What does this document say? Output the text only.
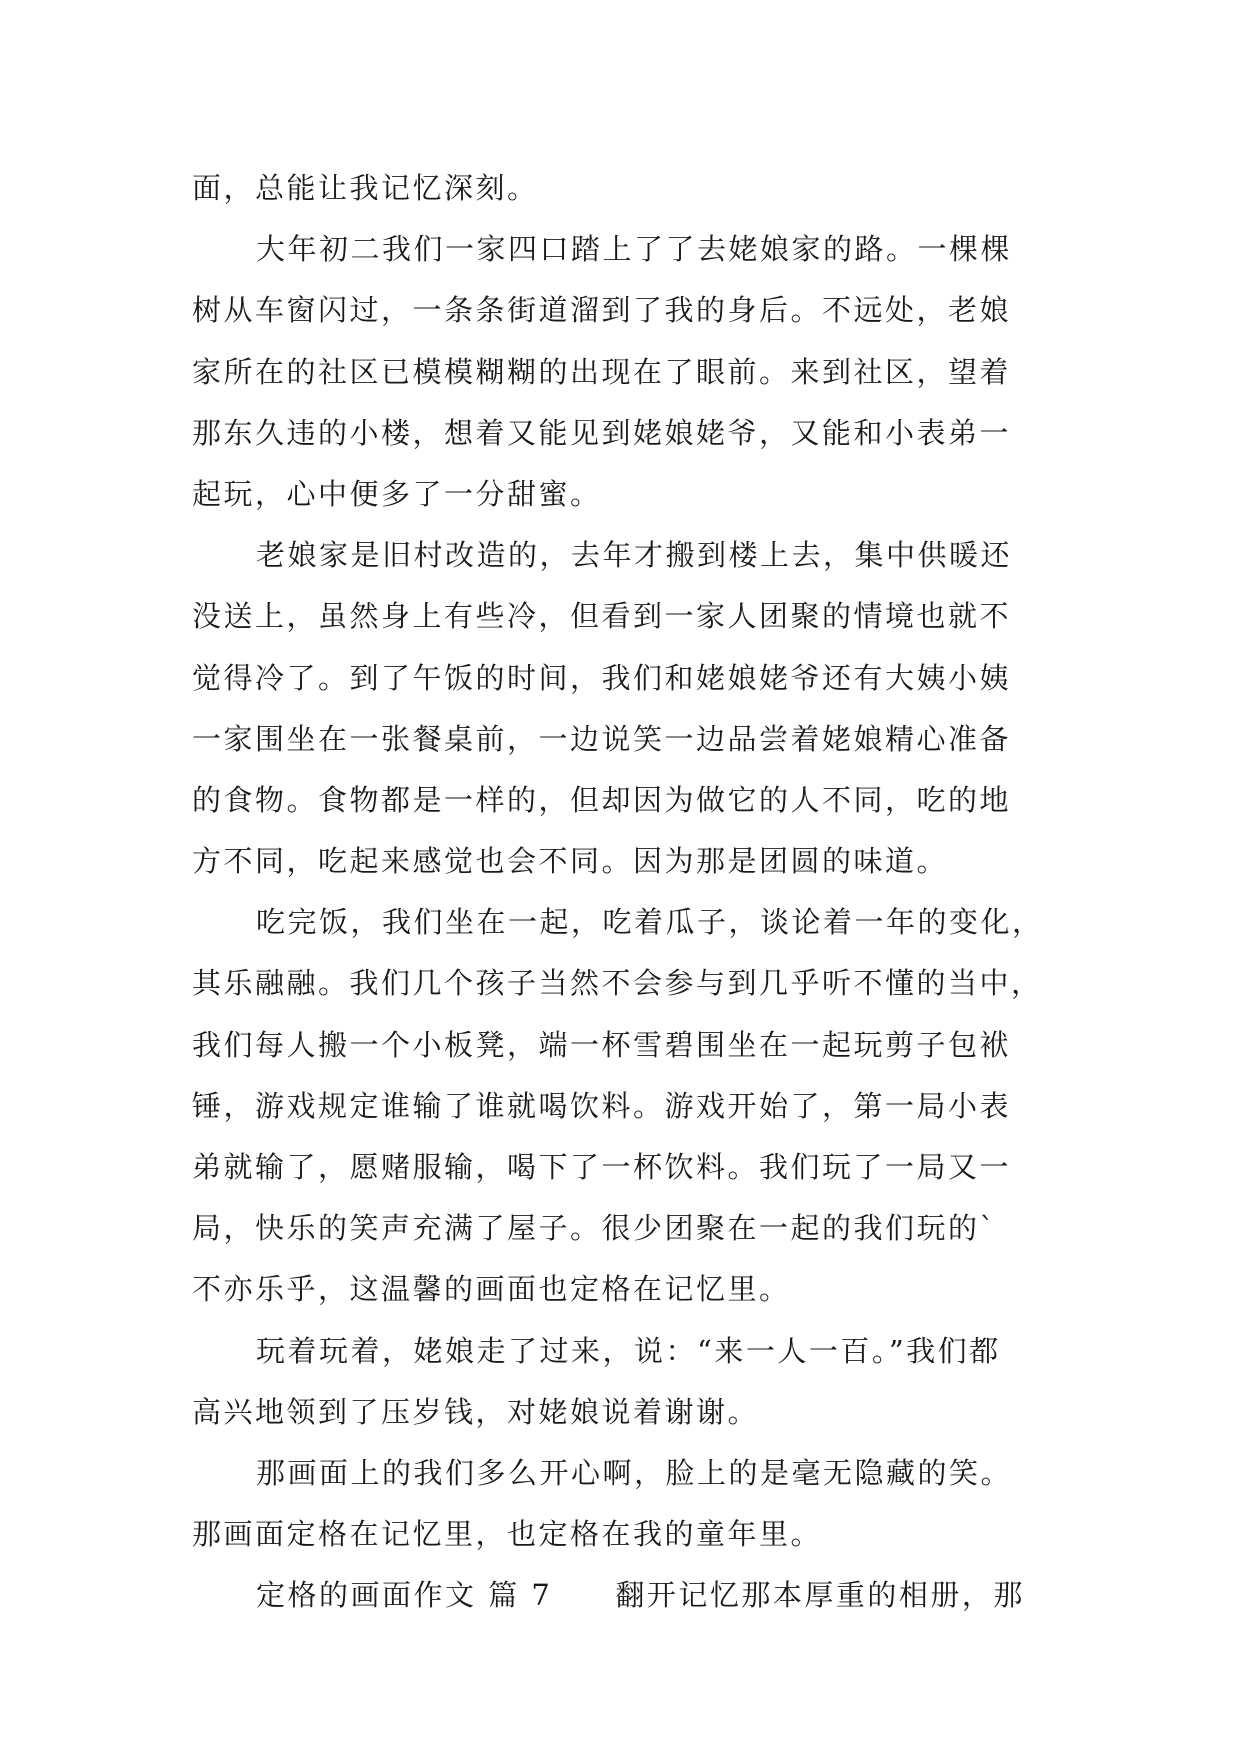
面，总能让我记忆深刻。
大年初二我们一家四口踏上了了去姥娘家的路。一棵棵
树从车窗闪过，一条条街道溜到了我的身后。不远处，老娘
家所在的社区已模模糊糊的出现在了眼前。来到社区，望着
那东久违的小楼，想着又能见到姥娘姥爷，又能和小表弟一
起玩，心中便多了一分甜蜜。
老娘家是旧村改造的，去年才搬到楼上去，集中供暖还
没送上，虽然身上有些冷，但看到一家人团聚的情境也就不
觉得冷了。到了午饭的时间，我们和姥娘姥爷还有大姨小姨
一家围坐在一张餐桌前，一边说笑一边品尝着姥娘精心准备
的食物。食物都是一样的，但却因为做它的人不同，吃的地
方不同，吃起来感觉也会不同。因为那是团圆的味道。
吃完饭，我们坐在一起，吃着瓜子，谈论着一年的变化，
其乐融融。我们几个孩子当然不会参与到几乎听不懂的当中，
我们每人搬一个小板凳，端一杯雪碧围坐在一起玩剪子包袱
锤，游戏规定谁输了谁就喝饮料。游戏开始了，第一局小表
弟就输了，愿赌服输，喝下了一杯饮料。我们玩了一局又一
局，快乐的笑声充满了屋子。很少团聚在一起的我们玩的`
不亦乐乎，这温馨的画面也定格在记忆里。
玩着玩着，姥娘走了过来，说：“来一人一百。”我们都
高兴地领到了压岁钱，对姥娘说着谢谢。
那画面上的我们多么开心啊，脸上的是毫无隐藏的笑。
那画面定格在记忆里，也定格在我的童年里。
定格的画面作文 篇 7　　翻开记忆那本厚重的相册，那
